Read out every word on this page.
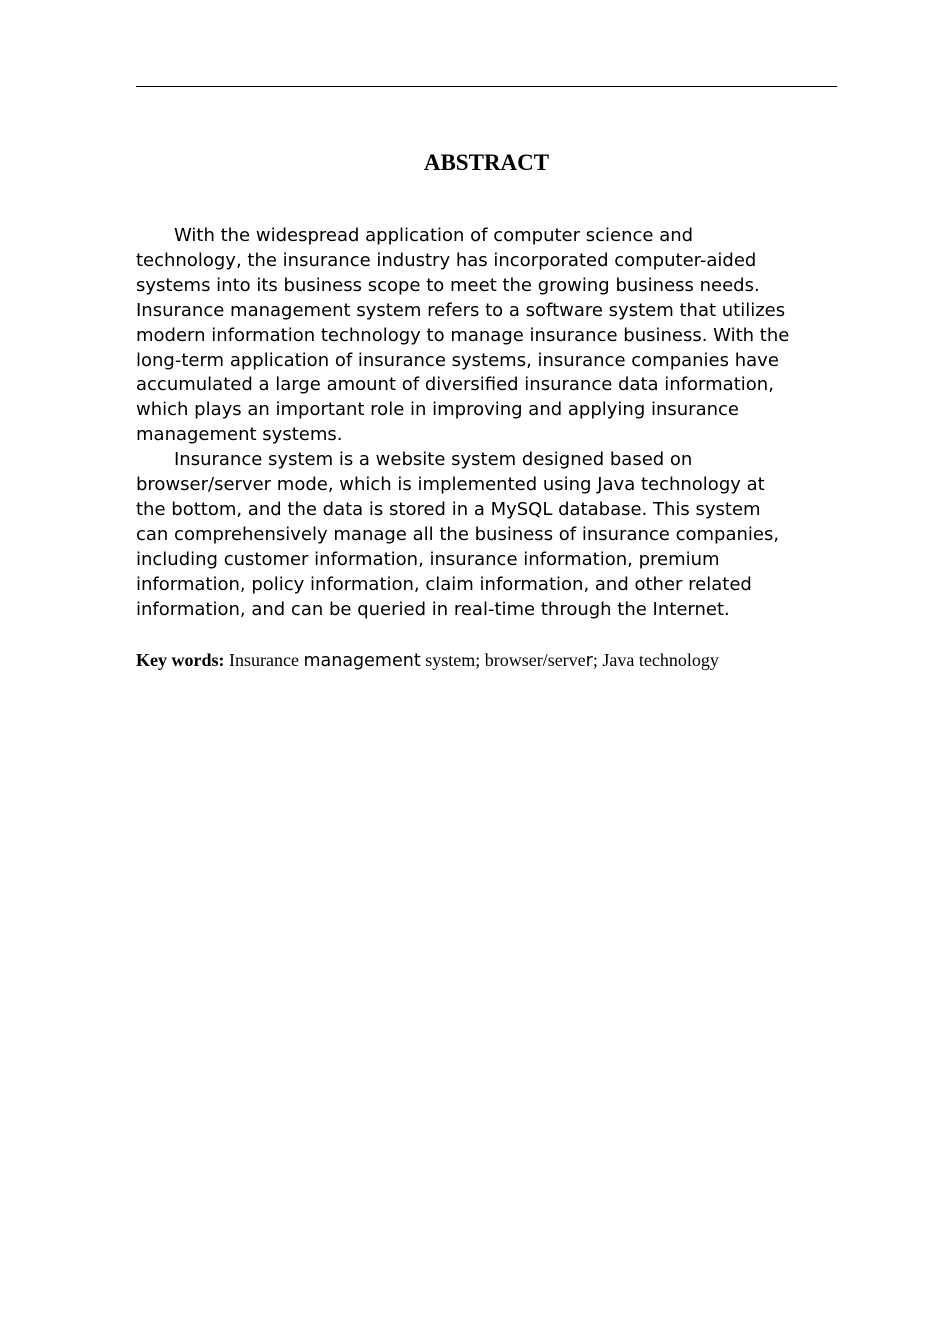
ABSTRACT

With the widespread application of computer science and
technology, the insurance industry has incorporated computer-aided
systems into its business scope to meet the growing business needs.
Insurance management system refers to a software system that utilizes
modern information technology to manage insurance business. With the
long-term application of insurance systems, insurance companies have
accumulated a large amount of diversified insurance data information,
which plays an important role in improving and applying insurance
management systems.

Insurance system is a website system designed based on
browser/server mode, which is implemented using Java technology at
the bottom, and the data is stored in a MySQL database. This system
can comprehensively manage all the business of insurance companies,
including customer information, insurance information, premium
information, policy information, claim information, and other related
information, and can be queried in real-time through the Internet.

Key words: Insurance management system; browser/server; Java technology
